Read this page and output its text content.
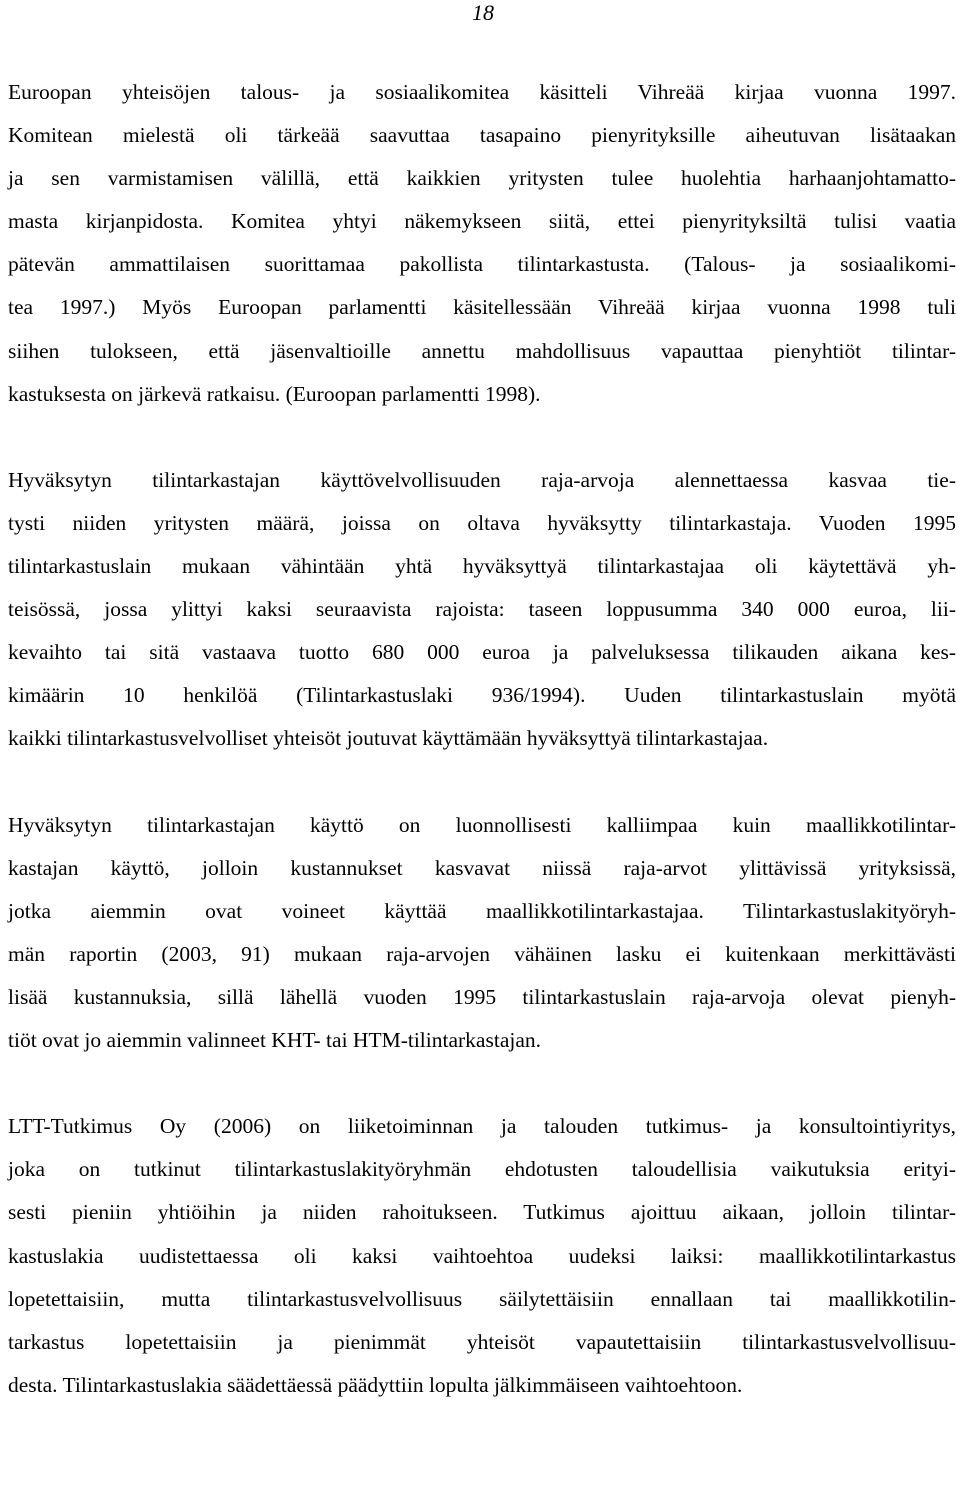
18
Euroopan yhteisöjen talous- ja sosiaalikomitea käsitteli Vihreää kirjaa vuonna 1997.
Komitean mielestä oli tärkeää saavuttaa tasapaino pienyrityksille aiheutuvan lisätaakan
ja sen varmistamisen välillä, että kaikkien yritysten tulee huolehtia harhaanjohtamatto-
masta kirjanpidosta. Komitea yhtyi näkemykseen siitä, ettei pienyrityksiltä tulisi vaatia
pätevän ammattilaisen suorittamaa pakollista tilintarkastusta. (Talous- ja sosiaalikomi-
tea 1997.) Myös Euroopan parlamentti käsitellessään Vihreää kirjaa vuonna 1998 tuli
siihen tulokseen, että jäsenvaltioille annettu mahdollisuus vapauttaa pienyhtiöt tilintar-
kastuksesta on järkevä ratkaisu. (Euroopan parlamentti 1998).
Hyväksytyn tilintarkastajan käyttövelvollisuuden raja-arvoja alennettaessa kasvaa tie-
tysti niiden yritysten määrä, joissa on oltava hyväksytty tilintarkastaja. Vuoden 1995
tilintarkastuslain mukaan vähintään yhtä hyväksyttyä tilintarkastajaa oli käytettävä yh-
teisössä, jossa ylittyi kaksi seuraavista rajoista: taseen loppusumma 340 000 euroa, lii-
kevaihto tai sitä vastaava tuotto 680 000 euroa ja palveluksessa tilikauden aikana kes-
kimäärin 10 henkilöä (Tilintarkastuslaki 936/1994). Uuden tilintarkastuslain myötä
kaikki tilintarkastusvelvolliset yhteisöt joutuvat käyttämään hyväksyttyä tilintarkastajaa.
Hyväksytyn tilintarkastajan käyttö on luonnollisesti kalliimpaa kuin maallikkotilintar-
kastajan käyttö, jolloin kustannukset kasvavat niissä raja-arvot ylittävissä yrityksissä,
jotka aiemmin ovat voineet käyttää maallikkotilintarkastajaa. Tilintarkastuslakityöryh-
män raportin (2003, 91) mukaan raja-arvojen vähäinen lasku ei kuitenkaan merkittävästi
lisää kustannuksia, sillä lähellä vuoden 1995 tilintarkastuslain raja-arvoja olevat pienyh-
tiöt ovat jo aiemmin valinneet KHT- tai HTM-tilintarkastajan.
LTT-Tutkimus Oy (2006) on liiketoiminnan ja talouden tutkimus- ja konsultointiyritys,
joka on tutkinut tilintarkastuslakityöryhmän ehdotusten taloudellisia vaikutuksia erityi-
sesti pieniin yhtiöihin ja niiden rahoitukseen. Tutkimus ajoittuu aikaan, jolloin tilintar-
kastuslakia uudistettaessa oli kaksi vaihtoehtoa uudeksi laiksi: maallikkotilintarkastus
lopetettaisiin, mutta tilintarkastusvelvollisuus säilytettäisiin ennallaan tai maallikkotilin-
tarkastus lopetettaisiin ja pienimmät yhteisöt vapautettaisiin tilintarkastusvelvollisuu-
desta. Tilintarkastuslakia säädettäessä päädyttiin lopulta jälkimmäiseen vaihtoehtoon.
